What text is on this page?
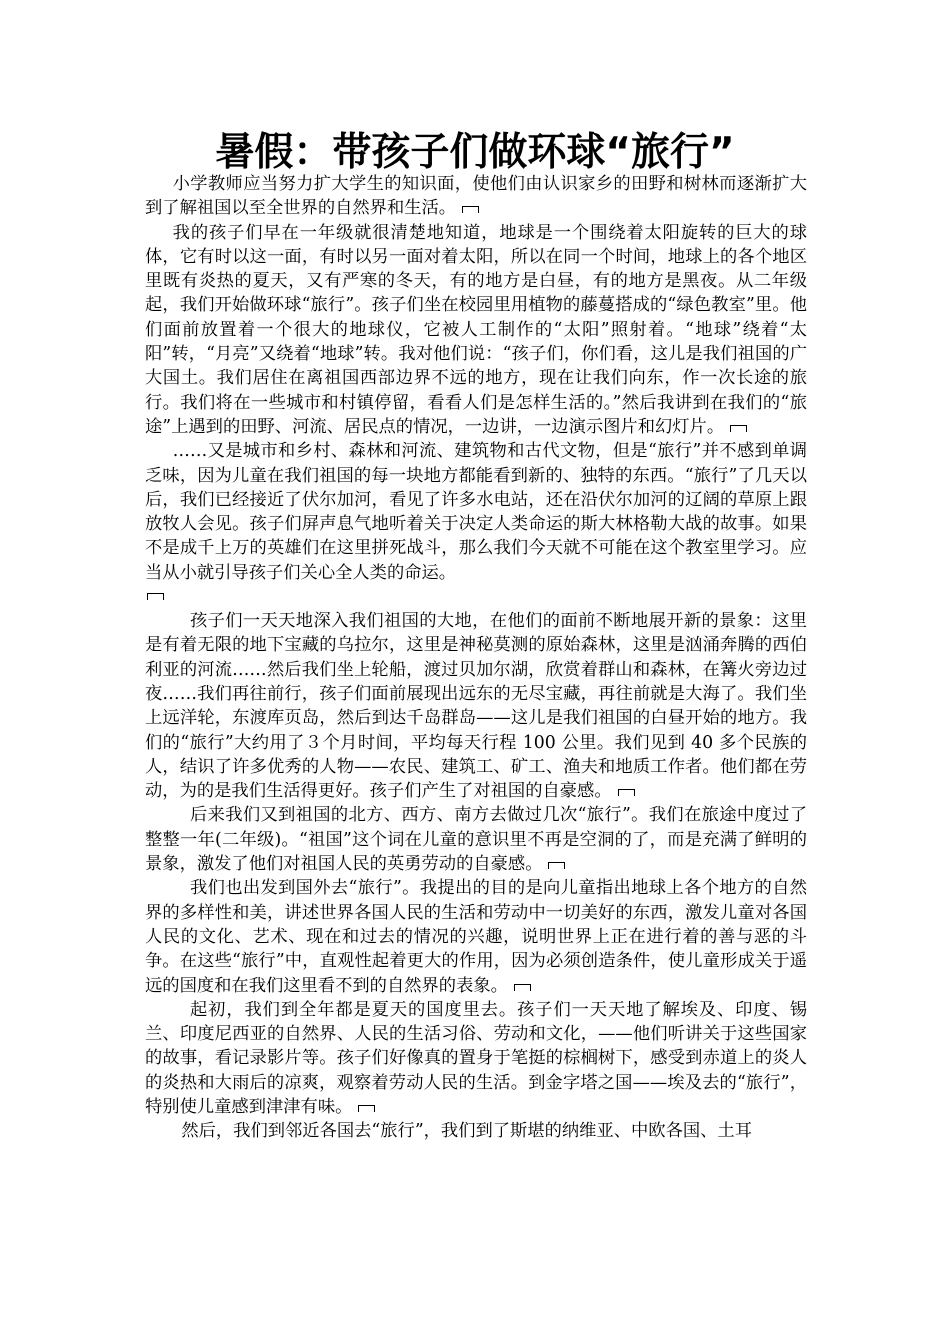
暑假：带孩子们做环球“旅行”

小学教师应当努力扩大学生的知识面，使他们由认识家乡的田野和树林而逐渐扩大到了解祖国以至全世界的自然界和生活。

我的孩子们早在一年级就很清楚地知道，地球是一个围绕着太阳旋转的巨大的球体，它有时以这一面，有时以另一面对着太阳，所以在同一个时间，地球上的各个地区里既有炎热的夏天，又有严寒的冬天，有的地方是白昼，有的地方是黑夜。从二年级起，我们开始做环球“旅行”。孩子们坐在校园里用植物的藤蔓搭成的“绿色教室”里。他们面前放置着一个很大的地球仪，它被人工制作的“太阳”照射着。“地球”绕着“太阳”转，“月亮”又绕着“地球”转。我对他们说：“孩子们，你们看，这儿是我们祖国的广大国土。我们居住在离祖国西部边界不远的地方，现在让我们向东，作一次长途的旅行。我们将在一些城市和村镇停留，看看人们是怎样生活的。”然后我讲到在我们的“旅途”上遇到的田野、河流、居民点的情况，一边讲，一边演示图片和幻灯片。

……又是城市和乡村、森林和河流、建筑物和古代文物，但是“旅行”并不感到单调乏味，因为儿童在我们祖国的每一块地方都能看到新的、独特的东西。“旅行”了几天以后，我们已经接近了伏尔加河，看见了许多水电站，还在沿伏尔加河的辽阔的草原上跟放牧人会见。孩子们屏声息气地听着关于决定人类命运的斯大林格勒大战的故事。如果不是成千上万的英雄们在这里拼死战斗，那么我们今天就不可能在这个教室里学习。应当从小就引导孩子们关心全人类的命运。

孩子们一天天地深入我们祖国的大地，在他们的面前不断地展开新的景象：这里是有着无限的地下宝藏的乌拉尔，这里是神秘莫测的原始森林，这里是汹涌奔腾的西伯利亚的河流……然后我们坐上轮船，渡过贝加尔湖，欣赏着群山和森林，在篝火旁边过夜……我们再往前行，孩子们面前展现出远东的无尽宝藏，再往前就是大海了。我们坐上远洋轮，东渡库页岛，然后到达千岛群岛——这儿是我们祖国的白昼开始的地方。我们的“旅行”大约用了３个月时间，平均每天行程 100 公里。我们见到 40 多个民族的人，结识了许多优秀的人物——农民、建筑工、矿工、渔夫和地质工作者。他们都在劳动，为的是我们生活得更好。孩子们产生了对祖国的自豪感。

后来我们又到祖国的北方、西方、南方去做过几次“旅行”。我们在旅途中度过了整整一年(二年级)。“祖国”这个词在儿童的意识里不再是空洞的了，而是充满了鲜明的景象，激发了他们对祖国人民的英勇劳动的自豪感。

我们也出发到国外去“旅行”。我提出的目的是向儿童指出地球上各个地方的自然界的多样性和美，讲述世界各国人民的生活和劳动中一切美好的东西，激发儿童对各国人民的文化、艺术、现在和过去的情况的兴趣，说明世界上正在进行着的善与恶的斗争。在这些“旅行”中，直观性起着更大的作用，因为必须创造条件，使儿童形成关于遥远的国度和在我们这里看不到的自然界的表象。

起初，我们到全年都是夏天的国度里去。孩子们一天天地了解埃及、印度、锡兰、印度尼西亚的自然界、人民的生活习俗、劳动和文化，——他们听讲关于这些国家的故事，看记录影片等。孩子们好像真的置身于笔挺的棕榈树下，感受到赤道上的炎人的炎热和大雨后的凉爽，观察着劳动人民的生活。到金字塔之国——埃及去的“旅行”，特别使儿童感到津津有味。

然后，我们到邻近各国去“旅行”，我们到了斯堪的纳维亚、中欧各国、土耳
